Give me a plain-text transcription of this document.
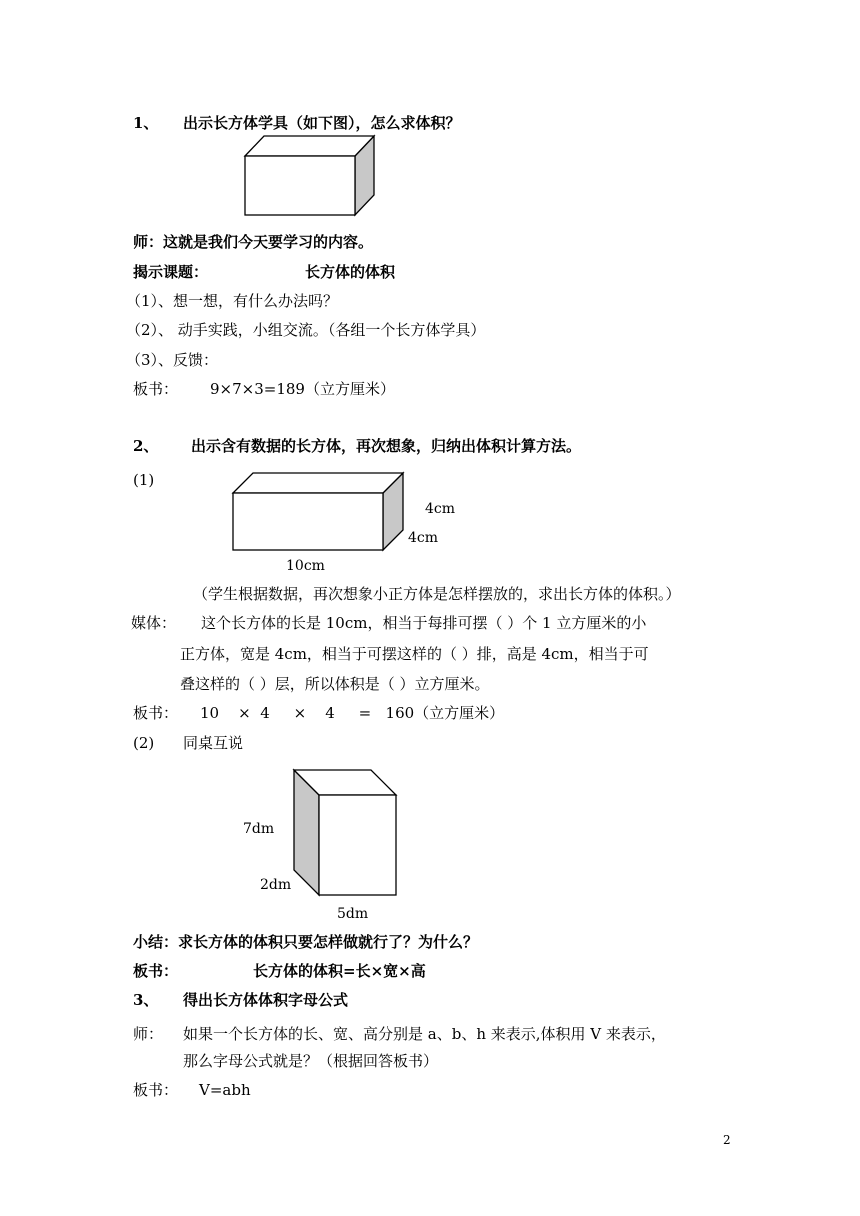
1、 出示长方体学具（如下图），怎么求体积？
师：这就是我们今天要学习的内容。
揭示课题：	长方体的体积
（1）、想一想，有什么办法吗？
（2）、 动手实践，小组交流。（各组一个长方体学具）
（3）、反馈：
板书： 9×7×3=189（立方厘米）
2、 出示含有数据的长方体，再次想象，归纳出体积计算方法。
(1)
4cm
4cm
10cm
（学生根据数据，再次想象小正方体是怎样摆放的，求出长方体的体积。）
媒体： 这个长方体的长是 10cm，相当于每排可摆（ ）个 1 立方厘米的小
正方体，宽是 4cm，相当于可摆这样的（ ）排，高是 4cm，相当于可
叠这样的（ ）层，所以体积是（ ）立方厘米。
板书： 10    ×  4     ×    4     =   160（立方厘米）
(2) 同桌互说
7dm
2dm
5dm
小结：求长方体的体积只要怎样做就行了？为什么？
板书：	长方体的体积=长×宽×高
3、 得出长方体体积字母公式
师： 如果一个长方体的长、宽、高分别是 a、b、h 来表示,体积用 V 来表示，
那么字母公式就是？（根据回答板书）
板书： V=abh
2
